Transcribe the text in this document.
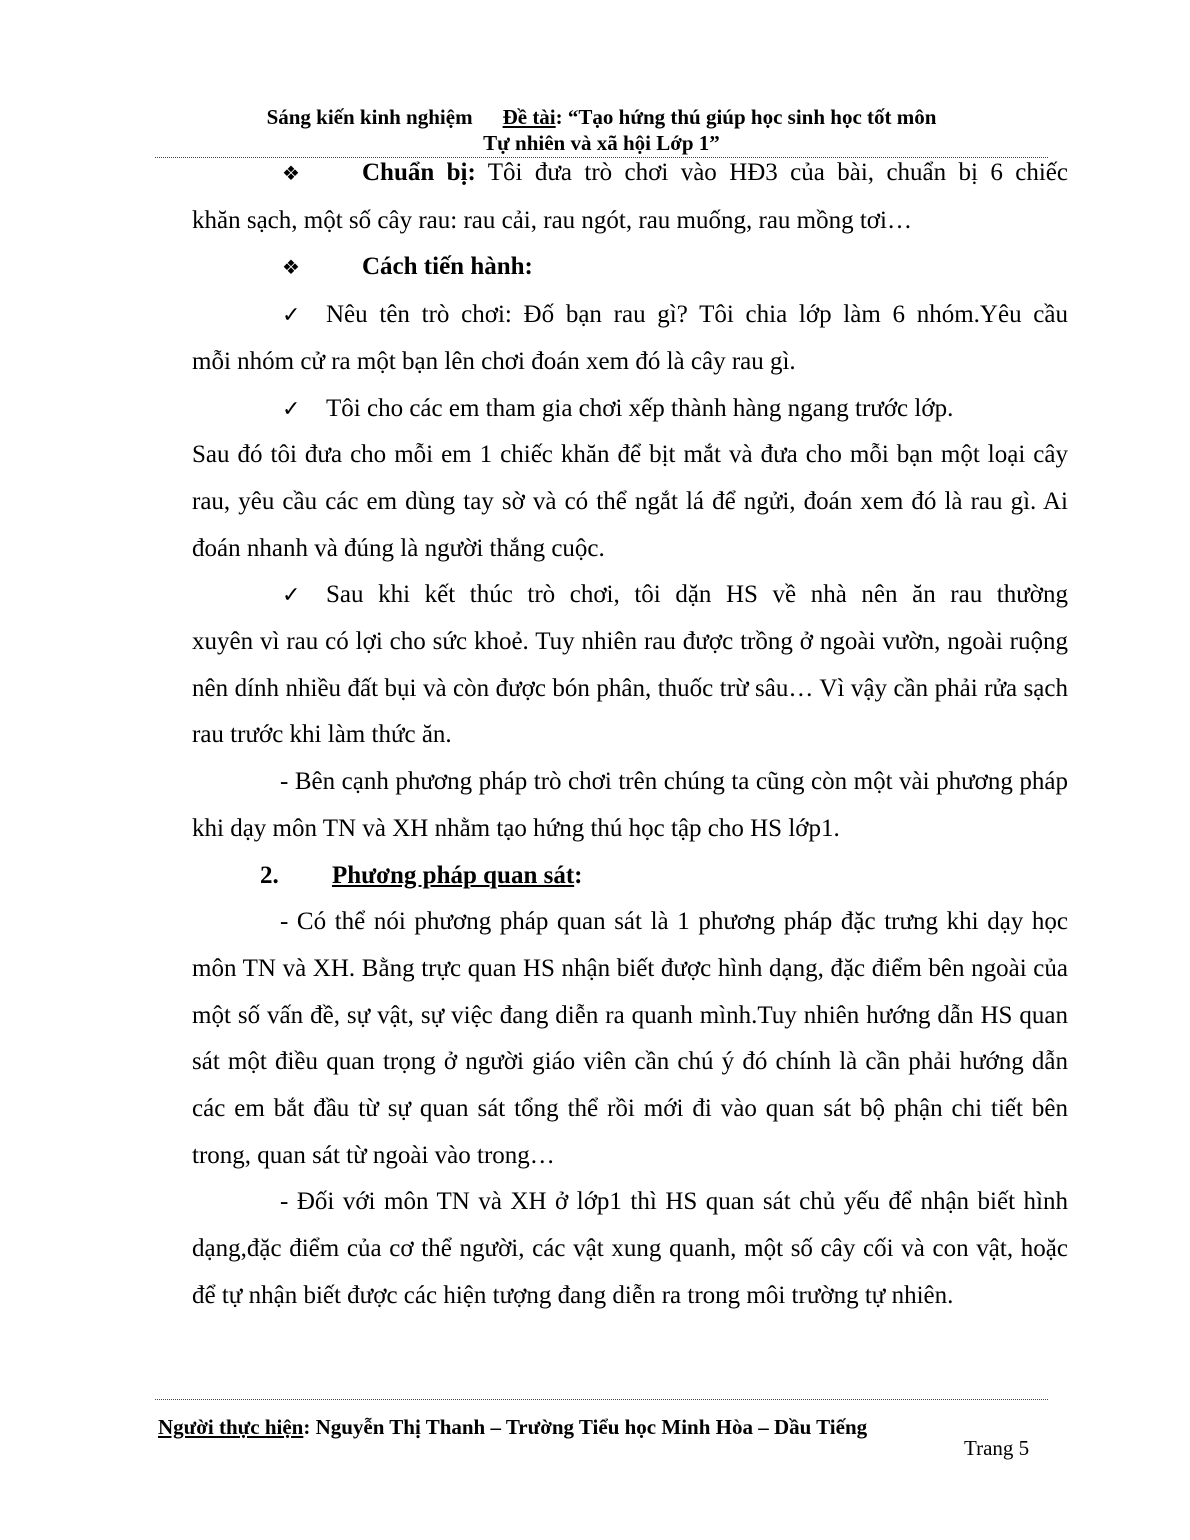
Sáng kiến kinh nghiệm Đề tài: “Tạo hứng thú giúp học sinh học tốt môn
Tự nhiên và xã hội Lớp 1”
❖	Chuẩn bị: Tôi đưa trò chơi vào HĐ3 của bài, chuẩn bị 6 chiếc

khăn sạch, một số cây rau: rau cải, rau ngót, rau muống, rau mồng tơi…

❖	Cách tiến hành:
✓	Nêu tên trò chơi: Đố bạn rau gì? Tôi chia lớp làm 6 nhóm.Yêu cầu

mỗi nhóm cử ra một bạn lên chơi đoán xem đó là cây rau gì.

✓	Tôi cho các em tham gia chơi xếp thành hàng ngang trước lớp.

Sau đó tôi đưa cho mỗi em 1 chiếc khăn để bịt mắt và đưa cho mỗi bạn một loại cây rau, yêu cầu các em dùng tay sờ và có thể ngắt lá để ngửi, đoán xem đó là rau gì. Ai đoán nhanh và đúng là người thắng cuộc.

✓	Sau khi kết thúc trò chơi, tôi dặn HS về nhà nên ăn rau thường

xuyên vì rau có lợi cho sức khoẻ. Tuy nhiên rau được trồng ở ngoài vườn, ngoài ruộng nên dính nhiều đất bụi và còn được bón phân, thuốc trừ sâu… Vì vậy cần phải rửa sạch rau trước khi làm thức ăn.

- Bên cạnh phương pháp trò chơi trên chúng ta cũng còn một vài phương pháp khi dạy môn TN và XH nhằm tạo hứng thú học tập cho HS lớp1.

2.	Phương pháp quan sát :

- Có thể nói phương pháp quan sát là 1 phương pháp đặc trưng khi dạy học môn TN và XH. Bằng trực quan HS nhận biết được hình dạng, đặc điểm bên ngoài của một số vấn đề, sự vật, sự việc đang diễn ra quanh mình.Tuy nhiên hướng dẫn HS quan sát một điều quan trọng ở người giáo viên cần chú ý đó chính là cần phải hướng dẫn các em bắt đầu từ sự quan sát tổng thể rồi mới đi vào quan sát bộ phận chi tiết bên trong, quan sát từ ngoài vào trong…

- Đối với môn TN và XH ở lớp1 thì HS quan sát chủ yếu để nhận biết hình dạng,đặc điểm của cơ thể người, các vật xung quanh, một số cây cối và con vật, hoặc để tự nhận biết được các hiện tượng đang diễn ra trong môi trường tự nhiên.

Người thực hiện: Nguyễn Thị Thanh – Trường Tiểu học Minh Hòa – Dầu Tiếng
Trang 5
